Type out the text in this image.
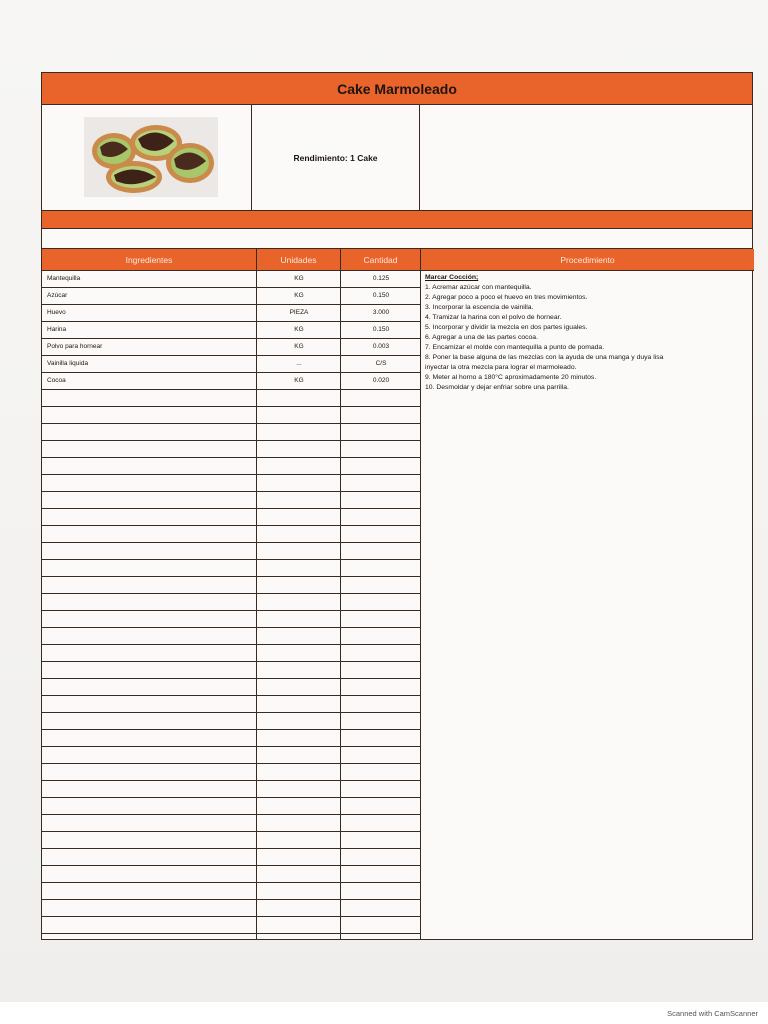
Cake Marmoleado
Rendimiento: 1 Cake
Ingredientes	Unidades	Cantidad	Procedimiento
Mantequilla	KG	0.125
Azúcar	KG	0.150
Huevo	PIEZA	3.000
Harina	KG	0.150
Polvo para hornear	KG	0.003
Vainilla liquida	...	C/S
Cocoa	KG	0.020
Marcar Cocción;
1. Acremar azúcar con mantequilla.
2. Agregar poco a poco el huevo en tres movimientos.
3. Incorporar la escencia de vainilla.
4. Tramizar la harina con el polvo de hornear.
5. Incorporar y dividir la mezcla en dos partes iguales.
6. Agregar a una de las partes cocoa.
7. Encamizar el molde con mantequilla a punto de pomada.
8. Poner la base alguna de las mezclas con la ayuda de una manga y duya lisa
inyectar la otra mezcla para lograr el marmoleado.
9. Meter al horno a 180°C aproximadamente 20 minutos.
10. Desmoldar y dejar enfriar sobre una parrilla.
Scanned with CamScanner
